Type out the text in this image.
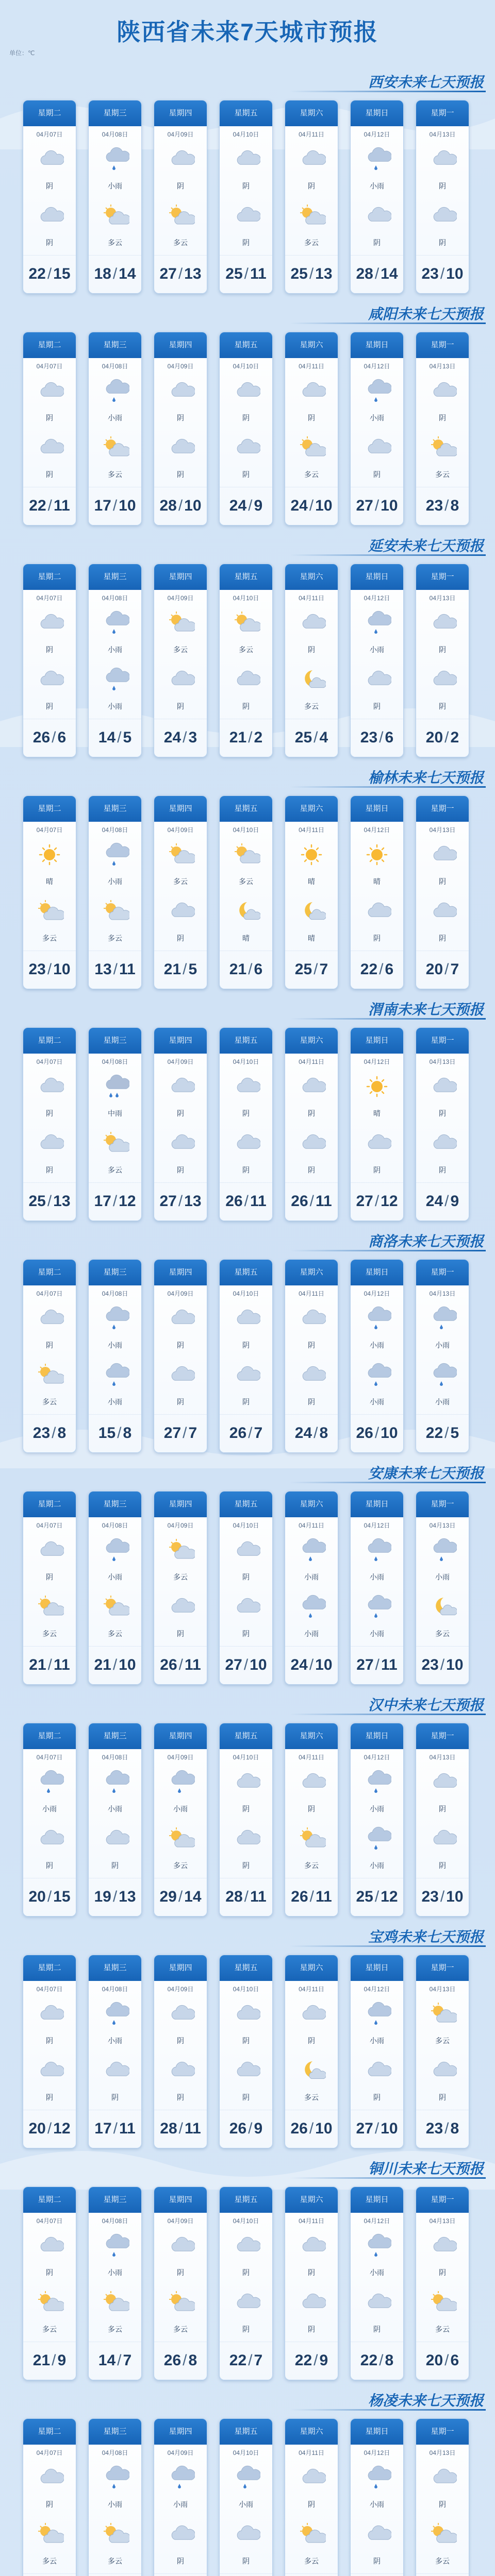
陕西省未来7天城市预报
单位：℃
西安未来七天预报
星期二
04月07日
阴
阴
22 / 15
星期三
04月08日
小雨
多云
18 / 14
星期四
04月09日
阴
多云
27 / 13
星期五
04月10日
阴
阴
25 / 11
星期六
04月11日
阴
多云
25 / 13
星期日
04月12日
小雨
阴
28 / 14
星期一
04月13日
阴
阴
23 / 10
咸阳未来七天预报
星期二
04月07日
阴
阴
22 / 11
星期三
04月08日
小雨
多云
17 / 10
星期四
04月09日
阴
阴
28 / 10
星期五
04月10日
阴
阴
24 / 9
星期六
04月11日
阴
多云
24 / 10
星期日
04月12日
小雨
阴
27 / 10
星期一
04月13日
阴
多云
23 / 8
延安未来七天预报
星期二
04月07日
阴
阴
26 / 6
星期三
04月08日
小雨
小雨
14 / 5
星期四
04月09日
多云
阴
24 / 3
星期五
04月10日
多云
阴
21 / 2
星期六
04月11日
阴
多云
25 / 4
星期日
04月12日
小雨
阴
23 / 6
星期一
04月13日
阴
阴
20 / 2
榆林未来七天预报
星期二
04月07日
晴
多云
23 / 10
星期三
04月08日
小雨
多云
13 / 11
星期四
04月09日
多云
阴
21 / 5
星期五
04月10日
多云
晴
21 / 6
星期六
04月11日
晴
晴
25 / 7
星期日
04月12日
晴
阴
22 / 6
星期一
04月13日
阴
阴
20 / 7
渭南未来七天预报
星期二
04月07日
阴
阴
25 / 13
星期三
04月08日
中雨
多云
17 / 12
星期四
04月09日
阴
阴
27 / 13
星期五
04月10日
阴
阴
26 / 11
星期六
04月11日
阴
阴
26 / 11
星期日
04月12日
晴
阴
27 / 12
星期一
04月13日
阴
阴
24 / 9
商洛未来七天预报
星期二
04月07日
阴
多云
23 / 8
星期三
04月08日
小雨
小雨
15 / 8
星期四
04月09日
阴
阴
27 / 7
星期五
04月10日
阴
阴
26 / 7
星期六
04月11日
阴
阴
24 / 8
星期日
04月12日
小雨
小雨
26 / 10
星期一
04月13日
小雨
小雨
22 / 5
安康未来七天预报
星期二
04月07日
阴
多云
21 / 11
星期三
04月08日
小雨
多云
21 / 10
星期四
04月09日
多云
阴
26 / 11
星期五
04月10日
阴
阴
27 / 10
星期六
04月11日
小雨
小雨
24 / 10
星期日
04月12日
小雨
小雨
27 / 11
星期一
04月13日
小雨
多云
23 / 10
汉中未来七天预报
星期二
04月07日
小雨
阴
20 / 15
星期三
04月08日
小雨
阴
19 / 13
星期四
04月09日
小雨
多云
29 / 14
星期五
04月10日
阴
阴
28 / 11
星期六
04月11日
阴
多云
26 / 11
星期日
04月12日
小雨
小雨
25 / 12
星期一
04月13日
阴
阴
23 / 10
宝鸡未来七天预报
星期二
04月07日
阴
阴
20 / 12
星期三
04月08日
小雨
阴
17 / 11
星期四
04月09日
阴
阴
28 / 11
星期五
04月10日
阴
阴
26 / 9
星期六
04月11日
阴
多云
26 / 10
星期日
04月12日
小雨
阴
27 / 10
星期一
04月13日
多云
阴
23 / 8
铜川未来七天预报
星期二
04月07日
阴
多云
21 / 9
星期三
04月08日
小雨
多云
14 / 7
星期四
04月09日
阴
多云
26 / 8
星期五
04月10日
阴
阴
22 / 7
星期六
04月11日
阴
阴
22 / 9
星期日
04月12日
小雨
阴
22 / 8
星期一
04月13日
阴
多云
20 / 6
杨凌未来七天预报
星期二
04月07日
阴
多云
星期三
04月08日
小雨
多云
星期四
04月09日
小雨
阴
星期五
04月10日
小雨
阴
星期六
04月11日
阴
多云
星期日
04月12日
小雨
阴
星期一
04月13日
阴
多云
